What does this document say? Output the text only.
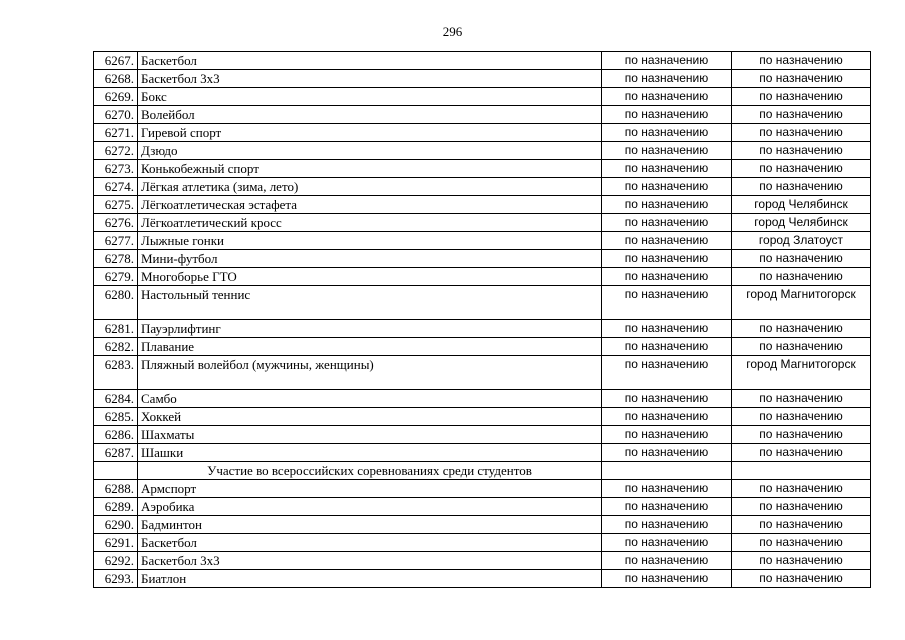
296
6267.	Баскетбол	по назначению	по назначению
6268.	Баскетбол 3х3	по назначению	по назначению
6269.	Бокс	по назначению	по назначению
6270.	Волейбол	по назначению	по назначению
6271.	Гиревой спорт	по назначению	по назначению
6272.	Дзюдо	по назначению	по назначению
6273.	Конькобежный спорт	по назначению	по назначению
6274.	Лёгкая атлетика (зима, лето)	по назначению	по назначению
6275.	Лёгкоатлетическая эстафета	по назначению	город Челябинск
6276.	Лёгкоатлетический кросс	по назначению	город Челябинск
6277.	Лыжные гонки	по назначению	город Златоуст
6278.	Мини-футбол	по назначению	по назначению
6279.	Многоборье ГТО	по назначению	по назначению
6280.	Настольный теннис	по назначению	город Магнитогорск
6281.	Пауэрлифтинг	по назначению	по назначению
6282.	Плавание	по назначению	по назначению
6283.	Пляжный волейбол (мужчины, женщины)	по назначению	город Магнитогорск
6284.	Самбо	по назначению	по назначению
6285.	Хоккей	по назначению	по назначению
6286.	Шахматы	по назначению	по назначению
6287.	Шашки	по назначению	по назначению
	Участие во всероссийских соревнованиях среди студентов		
6288.	Армспорт	по назначению	по назначению
6289.	Аэробика	по назначению	по назначению
6290.	Бадминтон	по назначению	по назначению
6291.	Баскетбол	по назначению	по назначению
6292.	Баскетбол 3х3	по назначению	по назначению
6293.	Биатлон	по назначению	по назначению
